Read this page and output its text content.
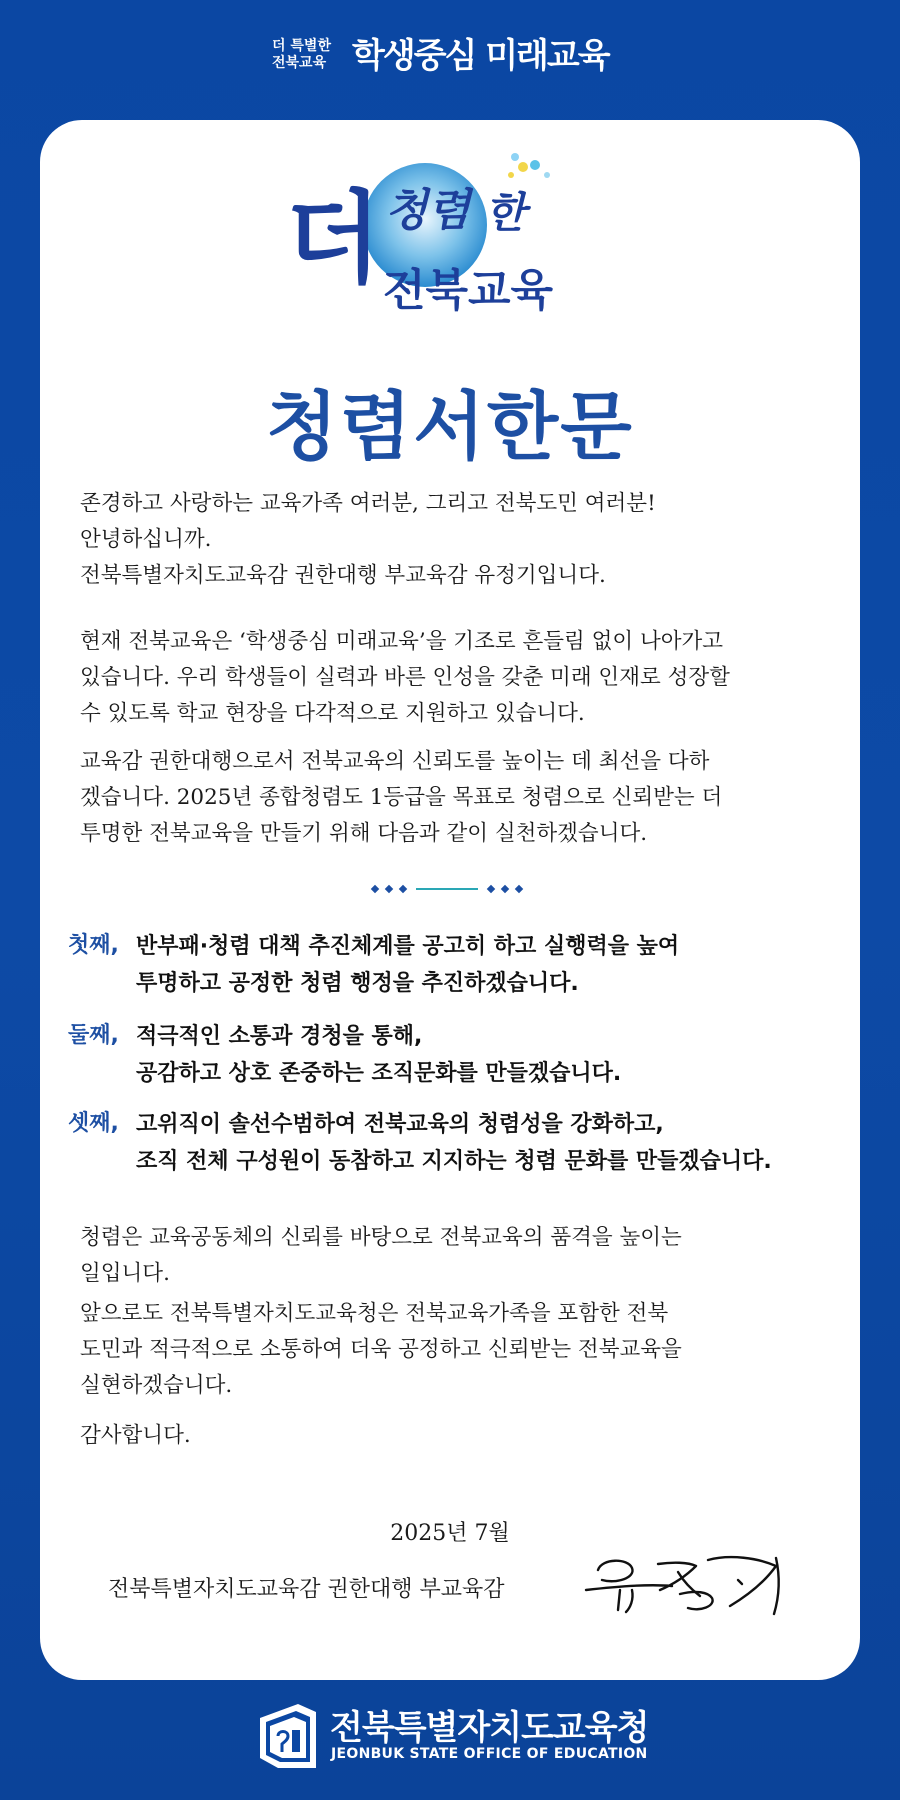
더 특별한
전북교육 학생중심 미래교육
더 청렴 한
전북교육
청렴서한문
존경하고 사랑하는 교육가족 여러분, 그리고 전북도민 여러분!
안녕하십니까.
전북특별자치도교육감 권한대행 부교육감 유정기입니다.
현재 전북교육은 ‘학생중심 미래교육’을 기조로 흔들림 없이 나아가고
있습니다. 우리 학생들이 실력과 바른 인성을 갖춘 미래 인재로 성장할
수 있도록 학교 현장을 다각적으로 지원하고 있습니다.
교육감 권한대행으로서 전북교육의 신뢰도를 높이는 데 최선을 다하
겠습니다. 2025년 종합청렴도 1등급을 목표로 청렴으로 신뢰받는 더
투명한 전북교육을 만들기 위해 다음과 같이 실천하겠습니다.
첫째, 반부패·청렴 대책 추진체계를 공고히 하고 실행력을 높여
투명하고 공정한 청렴 행정을 추진하겠습니다.
둘째, 적극적인 소통과 경청을 통해,
공감하고 상호 존중하는 조직문화를 만들겠습니다.
셋째, 고위직이 솔선수범하여 전북교육의 청렴성을 강화하고,
조직 전체 구성원이 동참하고 지지하는 청렴 문화를 만들겠습니다.
청렴은 교육공동체의 신뢰를 바탕으로 전북교육의 품격을 높이는
일입니다.
앞으로도 전북특별자치도교육청은 전북교육가족을 포함한 전북
도민과 적극적으로 소통하여 더욱 공정하고 신뢰받는 전북교육을
실현하겠습니다.
감사합니다.
2025년 7월
전북특별자치도교육감 권한대행 부교육감
전북특별자치도교육청
JEONBUK STATE OFFICE OF EDUCATION
